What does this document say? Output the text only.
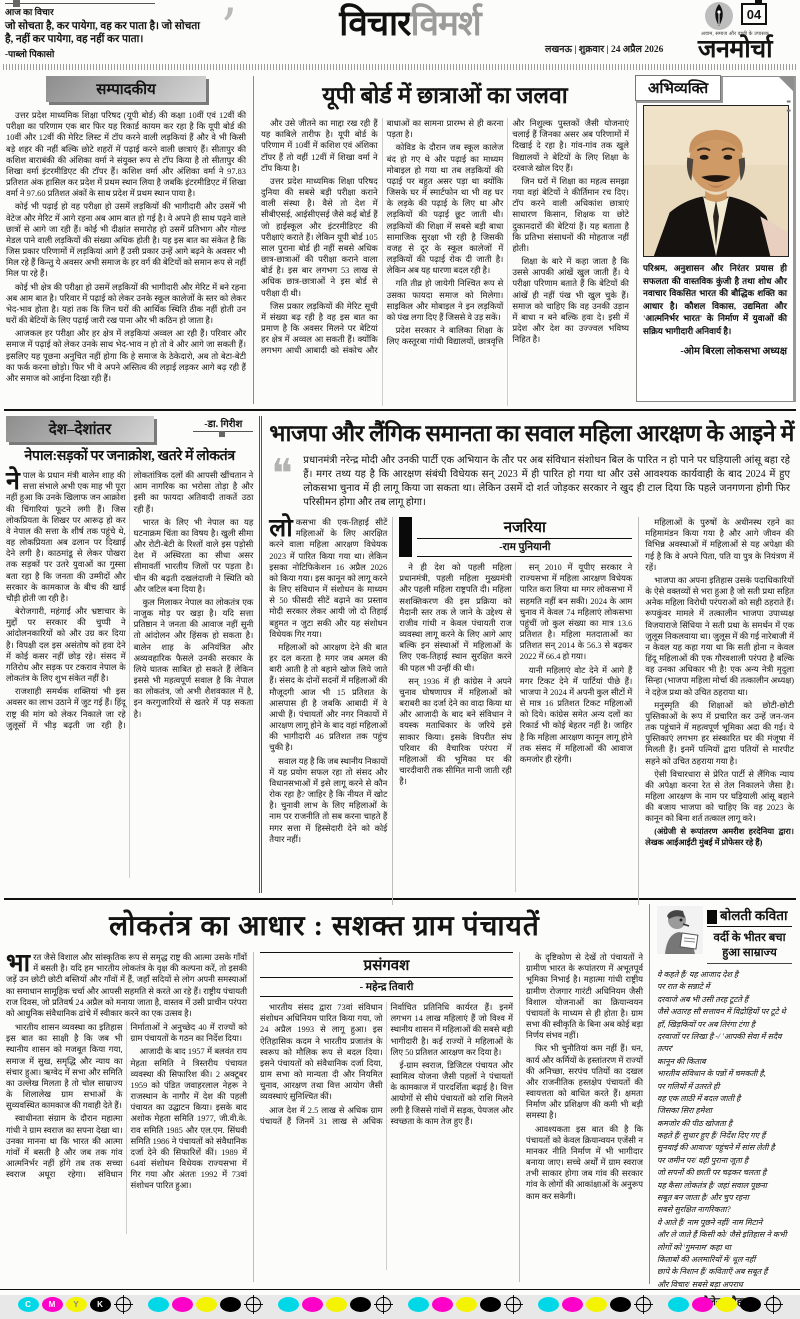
आज का विचार
जो सोचता है, कर पायेगा, वह कर पाता है। जो सोचता है, नहीं कर पायेगा, वह नहीं कर पाता।
-पाब्लो पिकासो	’	विचारविमर्श
लखनऊ | शुक्रवार | 24 अप्रैल 2026
04
अवाम, समाज और वाणी के उपासक
जनमोर्चा
सम्पादकीय

उत्तर प्रदेश माध्यमिक शिक्षा परिषद (यूपी बोर्ड) की कक्षा 10वीं एवं 12वीं की परीक्षा का परिणाम एक बार फिर यह रिकार्ड कायम कर रहा है कि यूपी बोर्ड की 10वीं और 12वीं की मेरिट लिस्ट में टॉप करने वाली लड़कियां हैं और वे भी किसी बड़े शहर की नहीं बल्कि छोटे शहरों में पढ़ाई करने वाली छात्राएं हैं। सीतापुर की कशिश बाराबंकी की अंशिका वर्मा ने संयुक्त रूप से टॉप किया है तो सीतापुर की शिखा वर्मा इंटरमीडिएट की टॉपर हैं। कशिश वर्मा और अंशिका वर्मा ने 97.83 प्रतिशत अंक हासिल कर प्रदेश में प्रथम स्थान लिया है जबकि इंटरमीडिएट में शिखा वर्मा ने 97.60 प्रतिशत अंकों के साथ प्रदेश में प्रथम स्थान पाया है।

कोई भी पढ़ाई हो वह परीक्षा हो उसमें लड़कियों की भागीदारी और उसमें भी वेटेज और मेरिट में आगे रहना अब आम बात हो गई है। वे अपने ही साथ पढ़ने वाले छात्रों से आगे जा रही हैं। कोई भी दीक्षांत समारोह हो उसमें प्रतिभाग और गोल्ड मेडल पाने वाली लड़कियों की संख्या अधिक होती है। यह इस बात का संकेत है कि जिस प्रकार परिणामों में लड़कियां आगे हैं उसी प्रकार उन्हें आगे बढ़ने के अवसर भी मिल रहे हैं किन्तु ये अवसर अभी समाज के हर वर्ग की बेटियों को समान रूप से नहीं मिल पा रहे हैं।

कोई भी क्षेत्र की परीक्षा हो उसमें लड़कियों की भागीदारी और मेरिट में बने रहना अब आम बात है। परिवार में पढ़ाई को लेकर उनके स्कूल कालेजों के स्तर को लेकर भेद-भाव होता है। यहां तक कि जिन घरों की आर्थिक स्थिति ठीक नहीं होती उन घरों की बेटियों के लिए पढ़ाई जारी रख पाना और भी कठिन हो जाता है।

आजकल हर परीक्षा और हर क्षेत्र में लड़कियां अव्वल आ रही हैं। परिवार और समाज में पढ़ाई को लेकर उनके साथ भेद-भाव न हो तो वे और आगे जा सकती हैं। इसलिए यह पूछना अनुचित नहीं होगा कि हे समाज के ठेकेदारो, अब तो बेटा-बेटी का फर्क करना छोड़ो। फिर भी वे अपने अस्तित्व की लड़ाई लड़कर आगे बढ़ रही हैं और समाज को आईना दिखा रही हैं।

यूपी बोर्ड में छात्राओं का जलवा

और उसे जीतने का माद्दा रख रही हैं यह काबिले तारीफ है। यूपी बोर्ड के परिणाम में 10वीं में कशिश एवं अंशिका टॉपर हैं तो वहीं 12वीं में शिखा वर्मा ने टॉप किया है।

उत्तर प्रदेश माध्यमिक शिक्षा परिषद दुनिया की सबसे बड़ी परीक्षा कराने वाली संस्था है। वैसे तो देश में सीबीएसई, आईसीएसई जैसे कई बोर्ड हैं जो हाईस्कूल और इंटरमीडिएट की परीक्षाएं कराते हैं। लेकिन यूपी बोर्ड 105 साल पुराना बोर्ड ही नहीं सबसे अधिक छात्र-छात्राओं की परीक्षा कराने वाला बोर्ड है। इस बार लगभग 53 लाख से अधिक छात्र-छात्राओं ने इस बोर्ड से परीक्षा दी थी।

जिस प्रकार लड़कियों की मेरिट सूची में संख्या बढ़ रही है वह इस बात का प्रमाण है कि अवसर मिलने पर बेटियां हर क्षेत्र में अव्वल आ सकती हैं। क्योंकि लगभग आधी आबादी को संकोच और बाधाओं का सामना प्रारम्भ से ही करना पड़ता है।

कोविड के दौरान जब स्कूल कालेज बंद हो गए थे और पढ़ाई का माध्यम मोबाइल हो गया था तब लड़कियों की पढ़ाई पर बहुत असर पड़ा था क्योंकि जिसके घर में स्मार्टफोन था भी वह घर के लड़के की पढ़ाई के लिए था और लड़कियों की पढ़ाई छूट जाती थी। लड़कियों की शिक्षा में सबसे बड़ी बाधा सामाजिक सुरक्षा भी रही है जिसकी वजह से दूर के स्कूल कालेजों में लड़कियों की पढ़ाई रोक दी जाती है। लेकिन अब यह धारणा बदल रही है।

गति तीव्र हो जायेगी निश्चित रूप से उसका फायदा समाज को मिलेगा। साइकिल और मोबाइल ने इन लड़कियों को पंख लगा दिए हैं जिससे वे उड़ सकें।

प्रदेश सरकार ने बालिका शिक्षा के लिए कस्तूरबा गांधी विद्यालयों, छात्रवृत्ति और निशुल्क पुस्तकों जैसी योजनाएं चलाई हैं जिनका असर अब परिणामों में दिखाई दे रहा है। गांव-गांव तक खुले विद्यालयों ने बेटियों के लिए शिक्षा के दरवाजे खोल दिए हैं।

जिन घरों में शिक्षा का महत्व समझा गया वहां बेटियों ने कीर्तिमान रच दिए। टॉप करने वाली अधिकांश छात्राएं साधारण किसान, शिक्षक या छोटे दुकानदारों की बेटियां हैं। यह बताता है कि प्रतिभा संसाधनों की मोहताज नहीं होती।

शिक्षा के बारे में कहा जाता है कि उससे आपकी आंखें खुल जाती हैं। ये परीक्षा परिणाम बताते हैं कि बेटियों की आंखें ही नहीं पंख भी खुल चुके हैं। समाज को चाहिए कि वह उनकी उड़ान में बाधा न बने बल्कि हवा दे। इसी में प्रदेश और देश का उज्ज्वल भविष्य निहित है।

▪▪
▪▪
अभिव्यक्ति
परिश्रम, अनुशासन और निरंतर प्रयास ही सफलता की वास्तविक कुंजी है तथा शोध और नवाचार विकसित भारत की बौद्धिक शक्ति का आधार है। कौशल विकास, उद्यमिता और 'आत्मनिर्भर भारत' के निर्माण में युवाओं की सक्रिय भागीदारी अनिवार्य है।
-ओम बिरला लोकसभा अध्यक्ष
देश–देशांतर	-डा. गिरीश
नेपाल:सड़कों पर जनाक्रोश, खतरे में लोकतंत्र

नेपाल के प्रधान मंत्री बालेन शाह की सत्ता संभाले अभी एक माह भी पूरा नहीं हुआ कि उनके खिलाफ जन आक्रोश की चिंगारियां फूटने लगी हैं। जिस लोकप्रियता के शिखर पर आरूढ़ हो कर वे नेपाल की सत्ता के शीर्ष तक पहुंचे थे, वह लोकप्रियता अब ढलान पर दिखाई देने लगी है। काठमांडू से लेकर पोखरा तक सड़कों पर उतरे युवाओं का गुस्सा बता रहा है कि जनता की उम्मीदों और सरकार के कामकाज के बीच की खाई चौड़ी होती जा रही है।

बेरोजगारी, महंगाई और भ्रष्टाचार के मुद्दों पर सरकार की चुप्पी ने आंदोलनकारियों को और उग्र कर दिया है। विपक्षी दल इस असंतोष को हवा देने में कोई कसर नहीं छोड़ रहे। संसद में गतिरोध और सड़क पर टकराव नेपाल के लोकतंत्र के लिए शुभ संकेत नहीं है।

राजशाही समर्थक शक्तियां भी इस अवसर का लाभ उठाने में जुट गई हैं। हिंदू राष्ट्र की मांग को लेकर निकाले जा रहे जुलूसों में भीड़ बढ़ती जा रही है। लोकतांत्रिक दलों की आपसी खींचतान ने आम नागरिक का भरोसा तोड़ा है और इसी का फायदा अतिवादी ताकतें उठा रही हैं।

भारत के लिए भी नेपाल का यह घटनाक्रम चिंता का विषय है। खुली सीमा और रोटी-बेटी के रिश्तों वाले इस पड़ोसी देश में अस्थिरता का सीधा असर सीमावर्ती भारतीय जिलों पर पड़ता है। चीन की बढ़ती दखलंदाजी ने स्थिति को और जटिल बना दिया है।

कुल मिलाकर नेपाल का लोकतंत्र एक नाजुक मोड़ पर खड़ा है। यदि सत्ता प्रतिष्ठान ने जनता की आवाज नहीं सुनी तो आंदोलन और हिंसक हो सकता है। बालेन शाह के अनियंत्रित और अव्यवहारिक फैसले उनकी सरकार के लिये घातक साबित हो सकते हैं लेकिन इससे भी महत्वपूर्ण सवाल है कि नेपाल का लोकतंत्र, जो अभी शैशवकाल में है, इन करगुजारियों से खतरे में पड़ सकता है।

भाजपा और लैंगिक समानता का सवाल महिला आरक्षण के आइने में
❝ प्रधानमंत्री नरेन्द्र मोदी और उनकी पार्टी एक अभियान के तौर पर अब संविधान संशोधन बिल के पारित न हो पाने पर घड़ियाली आंसू बहा रहे हैं। मगर तथ्य यह है कि आरक्षण संबंधी विधेयक सन् 2023 में ही पारित हो गया था और उसे आवश्यक कार्यवाही के बाद 2024 में हुए लोकसभा चुनाव में ही लागू किया जा सकता था। लेकिन उसमें दो शर्त जोड़कर सरकार ने खुद ही टाल दिया कि पहले जनगणना होगी फिर परिसीमन होगा और तब लागू होगा।

लोकसभा की एक-तिहाई सीटें महिलाओं के लिए आरक्षित करने वाला महिला आरक्षण विधेयक 2023 में पारित किया गया था। लेकिन इसका नोटिफिकेशन 16 अप्रैल 2026 को किया गया। इस कानून को लागू करने के लिए संविधान में संशोधन के माध्यम से 50 फीसदी सीटें बढ़ाने का प्रस्ताव मोदी सरकार लेकर आयी जो दो तिहाई बहुमत न जुटा सकी और यह संशोधन विधेयक गिर गया।

महिलाओं को आरक्षण देने की बात हर दल करता है मगर जब अमल की बारी आती है तो बहाने खोज लिये जाते हैं। संसद के दोनों सदनों में महिलाओं की मौजूदगी आज भी 15 प्रतिशत के आसपास ही है जबकि आबादी में वे आधी हैं। पंचायतों और नगर निकायों में आरक्षण लागू होने के बाद वहां महिलाओं की भागीदारी 46 प्रतिशत तक पहुंच चुकी है।

सवाल यह है कि जब स्थानीय निकायों में यह प्रयोग सफल रहा तो संसद और विधानसभाओं में इसे लागू करने से कौन रोक रहा है? जाहिर है कि नीयत में खोट है। चुनावी लाभ के लिए महिलाओं के नाम पर राजनीति तो सब करना चाहते हैं मगर सत्ता में हिस्सेदारी देने को कोई तैयार नहीं।

नजरिया
-राम पुनियानी

ने ही देश को पहली महिला प्रधानमंत्री, पहली महिला मुख्यमंत्री और पहली महिला राष्ट्रपति दी। महिला सशक्तिकरण की इस प्रक्रिया को मैदानी स्तर तक ले जाने के उद्देश्य से राजीव गांधी न केवल पंचायती राज व्यवस्था लागू करने के लिए आगे आए बल्कि इन संस्थाओं में महिलाओं के लिए एक-तिहाई स्थान सुरक्षित करने की पहल भी उन्हीं की थी।

सन् 1936 में ही कांग्रेस ने अपने चुनाव घोषणापत्र में महिलाओं को बराबरी का दर्जा देने का वादा किया था और आजादी के बाद बने संविधान ने वयस्क मताधिकार के जरिये इसे साकार किया। इसके विपरीत संघ परिवार की वैचारिक परंपरा में महिलाओं की भूमिका घर की चारदीवारी तक सीमित मानी जाती रही है।

सन् 2010 में यूपीए सरकार ने राज्यसभा में महिला आरक्षण विधेयक पारित करा लिया था मगर लोकसभा में सहमति नहीं बन सकी। 2024 के आम चुनाव में केवल 74 महिलाएं लोकसभा पहुंचीं जो कुल संख्या का मात्र 13.6 प्रतिशत है। महिला मतदाताओं का प्रतिशत सन् 2014 के 56.3 से बढ़कर 2022 में 66.4 हो गया।

यानी महिलाएं वोट देने में आगे हैं मगर टिकट देने में पार्टियां पीछे हैं। भाजपा ने 2024 में अपनी कुल सीटों में से मात्र 16 प्रतिशत टिकट महिलाओं को दिये। कांग्रेस समेत अन्य दलों का रिकार्ड भी कोई बेहतर नहीं है। जाहिर है कि महिला आरक्षण कानून लागू होने तक संसद में महिलाओं की आवाज कमजोर ही रहेगी।

महिलाओं के पुरुषों के अधीनस्थ रहने का महिमामंडन किया गया है और आगे जीवन की विभिन्न अवस्थाओं में महिलाओं से यह अपेक्षा की गई है कि वे अपने पिता, पति या पुत्र के नियंत्रण में रहें।

भाजपा का अपना इतिहास उसके पदाधिकारियों के ऐसे वक्तव्यों से भरा हुआ है जो सती प्रथा सहित अनेक महिला विरोधी परंपराओं को सही ठहराते हैं। रूपकुंवर मामले में तत्कालीन भाजपा उपाध्यक्ष विजयाराजे सिंधिया ने सती प्रथा के समर्थन में एक जुलूस निकलवाया था। जुलूस में की गई नारेबाजी में न केवल यह कहा गया था कि सती होना न केवल हिंदू महिलाओं की एक गौरवशाली परंपरा है बल्कि वह उनका अधिकार भी है! एक अन्य नेत्री मृदुला सिन्हा (भाजपा महिला मोर्चा की तत्कालीन अध्यक्ष) ने दहेज प्रथा को उचित ठहराया था।

मनुस्मृति की शिक्षाओं को छोटी-छोटी पुस्तिकाओं के रूप में प्रचारित कर उन्हें जन-जन तक पहुंचाने में महत्वपूर्ण भूमिका अदा की गई। ये पुस्तिकाएं लगभग हर संस्कारित घर की मंजूषा में मिलती हैं। इनमें पत्नियों द्वारा पतियों से मारपीट सहने को उचित ठहराया गया है।

ऐसी विचारधारा से प्रेरित पार्टी से लैंगिक न्याय की अपेक्षा करना रेत से तेल निकालने जैसा है। महिला आरक्षण के नाम पर घड़ियाली आंसू बहाने की बजाय भाजपा को चाहिए कि वह 2023 के कानून को बिना शर्त तत्काल लागू करे।

(अंग्रेजी से रूपांतरण अमरीश हरदेनिया द्वारा। लेखक आईआईटी मुंबई में प्रोफेसर रहे हैं)

लोकतंत्र का आधार : सशक्त ग्राम पंचायतें

भारत जैसे विशाल और सांस्कृतिक रूप से समृद्ध राष्ट्र की आत्मा उसके गाँवों में बसती है। यदि हम भारतीय लोकतंत्र के वृक्ष की कल्पना करें, तो इसकी जड़ें उन छोटी छोटी बस्तियों और गाँवों में हैं, जहाँ सदियों से लोग अपनी समस्याओं का समाधान सामूहिक चर्चा और आपसी सहमति से करते आ रहे हैं। राष्ट्रीय पंचायती राज दिवस, जो प्रतिवर्ष 24 अप्रैल को मनाया जाता है, वास्तव में उसी प्राचीन परंपरा को आधुनिक संवैधानिक ढांचे में स्वीकार करने का एक उत्सव है।

भारतीय शासन व्यवस्था का इतिहास इस बात का साक्षी है कि जब भी स्थानीय शासन को मजबूत किया गया, समाज में सुख, समृद्धि और न्याय का संचार हुआ। ऋग्वेद में सभा और समिति का उल्लेख मिलता है तो चोल साम्राज्य के शिलालेख ग्राम सभाओं के सुव्यवस्थित कामकाज की गवाही देते हैं।

स्वाधीनता संग्राम के दौरान महात्मा गांधी ने ग्राम स्वराज का सपना देखा था। उनका मानना था कि भारत की आत्मा गांवों में बसती है और जब तक गांव आत्मनिर्भर नहीं होंगे तब तक सच्चा स्वराज अधूरा रहेगा। संविधान निर्माताओं ने अनुच्छेद 40 में राज्यों को ग्राम पंचायतों के गठन का निर्देश दिया।

आजादी के बाद 1957 में बलवंत राय मेहता समिति ने त्रिस्तरीय पंचायत व्यवस्था की सिफारिश की। 2 अक्टूबर 1959 को पंडित जवाहरलाल नेहरू ने राजस्थान के नागौर में देश की पहली पंचायत का उद्घाटन किया। इसके बाद अशोक मेहता समिति 1977, जी.वी.के. राव समिति 1985 और एल.एम. सिंघवी समिति 1986 ने पंचायतों को संवैधानिक दर्जा देने की सिफारिशें कीं। 1989 में 64वां संशोधन विधेयक राज्यसभा में गिर गया और अंततः 1992 में 73वां संशोधन पारित हुआ।

प्रसंगवश
- महेन्द्र तिवारी

भारतीय संसद द्वारा 73वां संविधान संशोधन अधिनियम पारित किया गया, जो 24 अप्रैल 1993 से लागू हुआ। इस ऐतिहासिक कदम ने भारतीय प्रजातंत्र के स्वरूप को मौलिक रूप से बदल दिया। इसने पंचायतों को संवैधानिक दर्जा दिया, ग्राम सभा को मान्यता दी और नियमित चुनाव, आरक्षण तथा वित्त आयोग जैसी व्यवस्थाएं सुनिश्चित कीं।

आज देश में 2.5 लाख से अधिक ग्राम पंचायतें हैं जिनमें 31 लाख से अधिक निर्वाचित प्रतिनिधि कार्यरत हैं। इनमें लगभग 14 लाख महिलाएं हैं जो विश्व में स्थानीय शासन में महिलाओं की सबसे बड़ी भागीदारी है। कई राज्यों ने महिलाओं के लिए 50 प्रतिशत आरक्षण कर दिया है।

ई-ग्राम स्वराज, डिजिटल पंचायत और स्वामित्व योजना जैसी पहलों ने पंचायतों के कामकाज में पारदर्शिता बढ़ाई है। वित्त आयोगों से सीधे पंचायतों को राशि मिलने लगी है जिससे गांवों में सड़क, पेयजल और स्वच्छता के काम तेज हुए हैं।

के दृष्टिकोण से देखें तो पंचायतों ने ग्रामीण भारत के रूपांतरण में अभूतपूर्व भूमिका निभाई है। महात्मा गांधी राष्ट्रीय ग्रामीण रोजगार गारंटी अधिनियम जैसी विशाल योजनाओं का क्रियान्वयन पंचायतों के माध्यम से ही होता है। ग्राम सभा की स्वीकृति के बिना अब कोई बड़ा निर्णय संभव नहीं।

फिर भी चुनौतियां कम नहीं हैं। धन, कार्य और कर्मियों के हस्तांतरण में राज्यों की अनिच्छा, सरपंच पतियों का दखल और राजनीतिक हस्तक्षेप पंचायतों की स्वायत्तता को बाधित करते हैं। क्षमता निर्माण और प्रशिक्षण की कमी भी बड़ी समस्या है।

आवश्यकता इस बात की है कि पंचायतों को केवल क्रियान्वयन एजेंसी न मानकर नीति निर्माण में भी भागीदार बनाया जाए। सच्चे अर्थों में ग्राम स्वराज तभी साकार होगा जब गांव की सरकार गांव के लोगों की आकांक्षाओं के अनुरूप काम कर सकेगी।

बोलती कविता
वर्दी के भीतर बचा हुआ साम्राज्य
वे कहते हैं/ यह आजाद देश है
पर रात के सन्नाटे में
दरवाजे अब भी उसी तरह टूटते हैं
जैसे अठारह सौ सत्तावन में विद्रोहियों पर टूटे थे
हाँ, खिड़कियों पर अब तिरंगा टंगा है
दरवाजों पर लिखा है -/ 'आपकी सेवा में सदैव तत्पर'
कानून की किताब
भारतीय संविधान के पन्नों में चमकती है,
पर गलियों में उतरते ही
वह एक लाठी में बदल जाती है
जिसका सिरा हमेशा
कमजोर की पीठ खोजता है
कहते हैं/ सुधार हुए हैं/ निर्देश दिए गए हैं
सुनवाई की आवाज/ पहुंचने में सांस लेती है
पर जमीन पर/ वही पुराना जूता है
जो सपनों की छाती पर चढ़कर चलता है
यह कैसा लोकतंत्र है/ जहां सवाल पूछना
सबूत बन जाता है/ और चुप रहना
सबसे सुरक्षित नागरिकता?
वे आते हैं/ नाम पूछने नहीं/ नाम मिटाने
और ले जाते हैं किसी को/ जैसे इतिहास ने कभी
लोगों को 'गुमनाम' कहा था
किताबों की अलमारियों में/ धूल नहीं
छापे के निशान हैं/ कविताएँ अब सबूत हैं
और विचार/ सबसे बड़ा अपराध
C	M	Y	K
